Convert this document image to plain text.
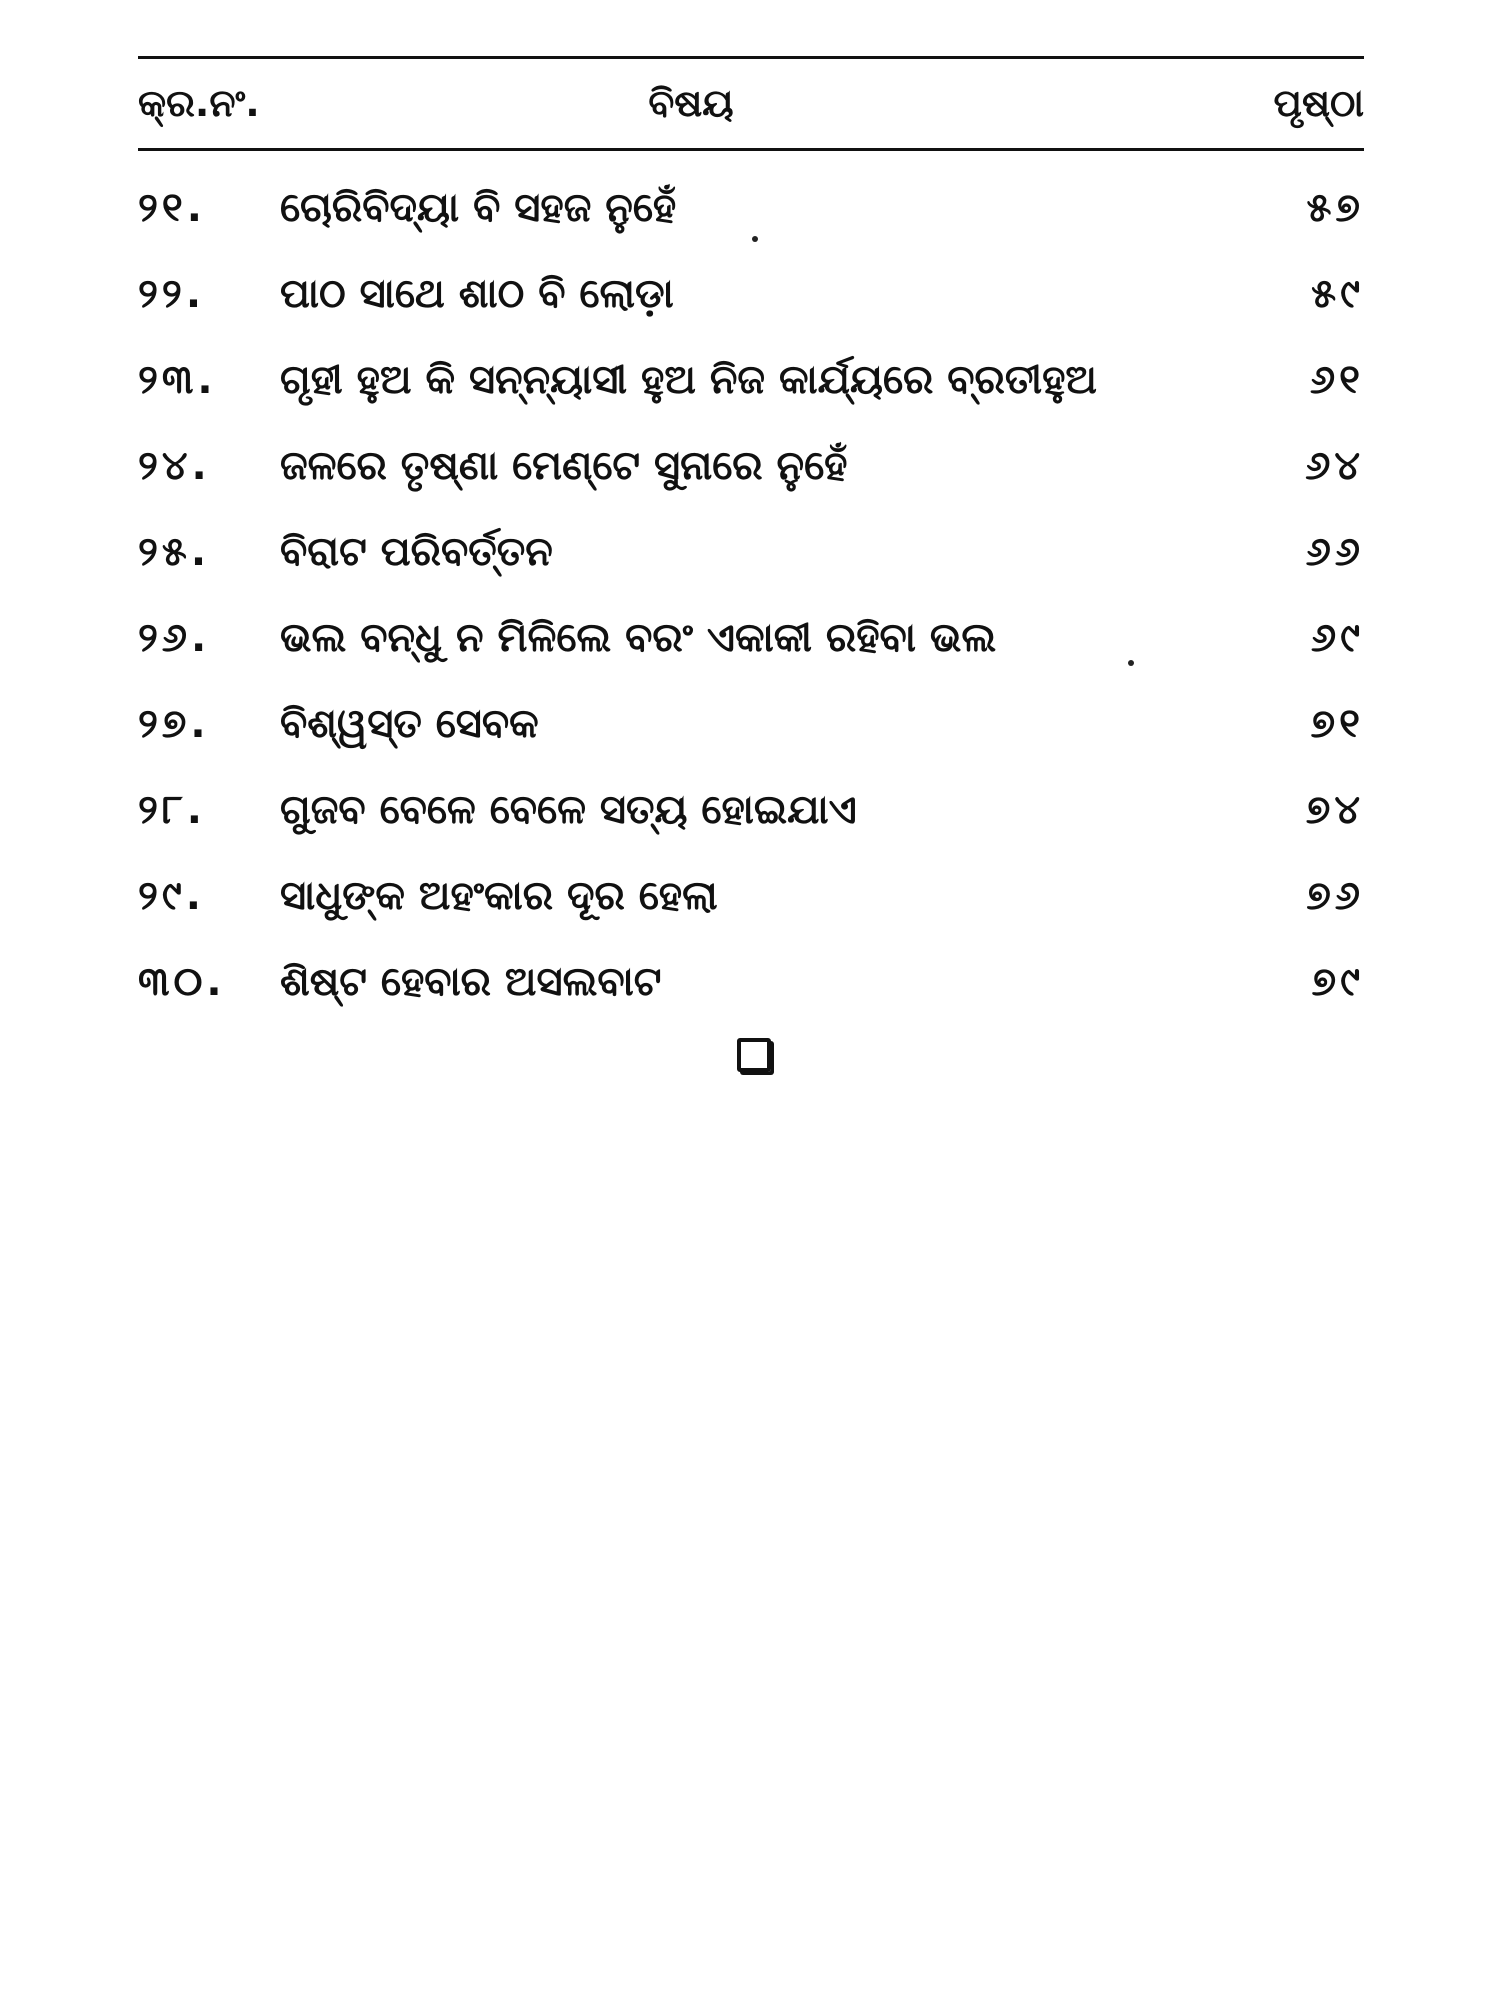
କ୍ର.ନଂ.	ବିଷୟ	ପୃଷ୍ଠା
୨୧.	ଚୋରିବିଦ୍ୟା ବି ସହଜ ନୁହେଁ	୫୭
୨୨.	ପାଠ ସାଥେ ଶାଠ ବି ଲୋଡ଼ା	୫୯
୨୩.	ଗୃହୀ ହୁଅ କି ସନ୍ନ୍ୟାସୀ ହୁଅ ନିଜ କାର୍ଯ୍ୟରେ ବ୍ରତୀହୁଅ	୬୧
୨୪.	ଜଳରେ ତୃଷ୍ଣା ମେଣ୍ଟେ ସୁନାରେ ନୁହେଁ	୬୪
୨୫.	ବିରାଟ ପରିବର୍ତ୍ତନ	୬୬
୨୬.	ଭଲ ବନ୍ଧୁ ନ ମିଳିଲେ ବରଂ ଏକାକୀ ରହିବା ଭଲ	୬୯
୨୭.	ବିଶ୍ୱସ୍ତ ସେବକ	୭୧
୨୮.	ଗୁଜବ ବେଳେ ବେଳେ ସତ୍ୟ ହୋଇଯାଏ	୭୪
୨୯.	ସାଧୁଙ୍କ ଅହଂକାର ଦୂର ହେଲା	୭୬
୩୦.	ଶିଷ୍ଟ ହେବାର ଅସଲବାଟ	୭୯
